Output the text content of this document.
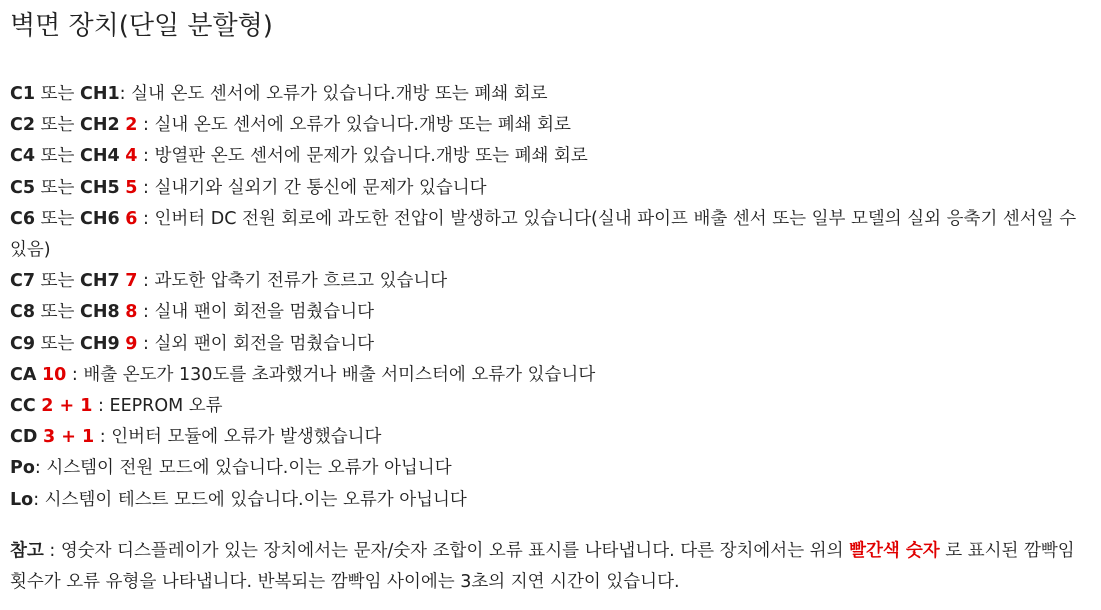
벽면 장치(단일 분할형)
C1 또는 CH1: 실내 온도 센서에 오류가 있습니다.개방 또는 폐쇄 회로
C2 또는 CH2 2 : 실내 온도 센서에 오류가 있습니다.개방 또는 폐쇄 회로
C4 또는 CH4 4 : 방열판 온도 센서에 문제가 있습니다.개방 또는 폐쇄 회로
C5 또는 CH5 5 : 실내기와 실외기 간 통신에 문제가 있습니다
C6 또는 CH6 6 : 인버터 DC 전원 회로에 과도한 전압이 발생하고 있습니다(실내 파이프 배출 센서 또는 일부 모델의 실외 응축기 센서일 수 있음)
C7 또는 CH7 7 : 과도한 압축기 전류가 흐르고 있습니다
C8 또는 CH8 8 : 실내 팬이 회전을 멈췄습니다
C9 또는 CH9 9 : 실외 팬이 회전을 멈췄습니다
CA 10 : 배출 온도가 130도를 초과했거나 배출 서미스터에 오류가 있습니다
CC 2 + 1 : EEPROM 오류
CD 3 + 1 : 인버터 모듈에 오류가 발생했습니다
Po: 시스템이 전원 모드에 있습니다.이는 오류가 아닙니다
Lo: 시스템이 테스트 모드에 있습니다.이는 오류가 아닙니다

참고 : 영숫자 디스플레이가 있는 장치에서는 문자/숫자 조합이 오류 표시를 나타냅니다. 다른 장치에서는 위의 빨간색 숫자 로 표시된 깜빡임 횟수가 오류 유형을 나타냅니다. 반복되는 깜빡임 사이에는 3초의 지연 시간이 있습니다.
